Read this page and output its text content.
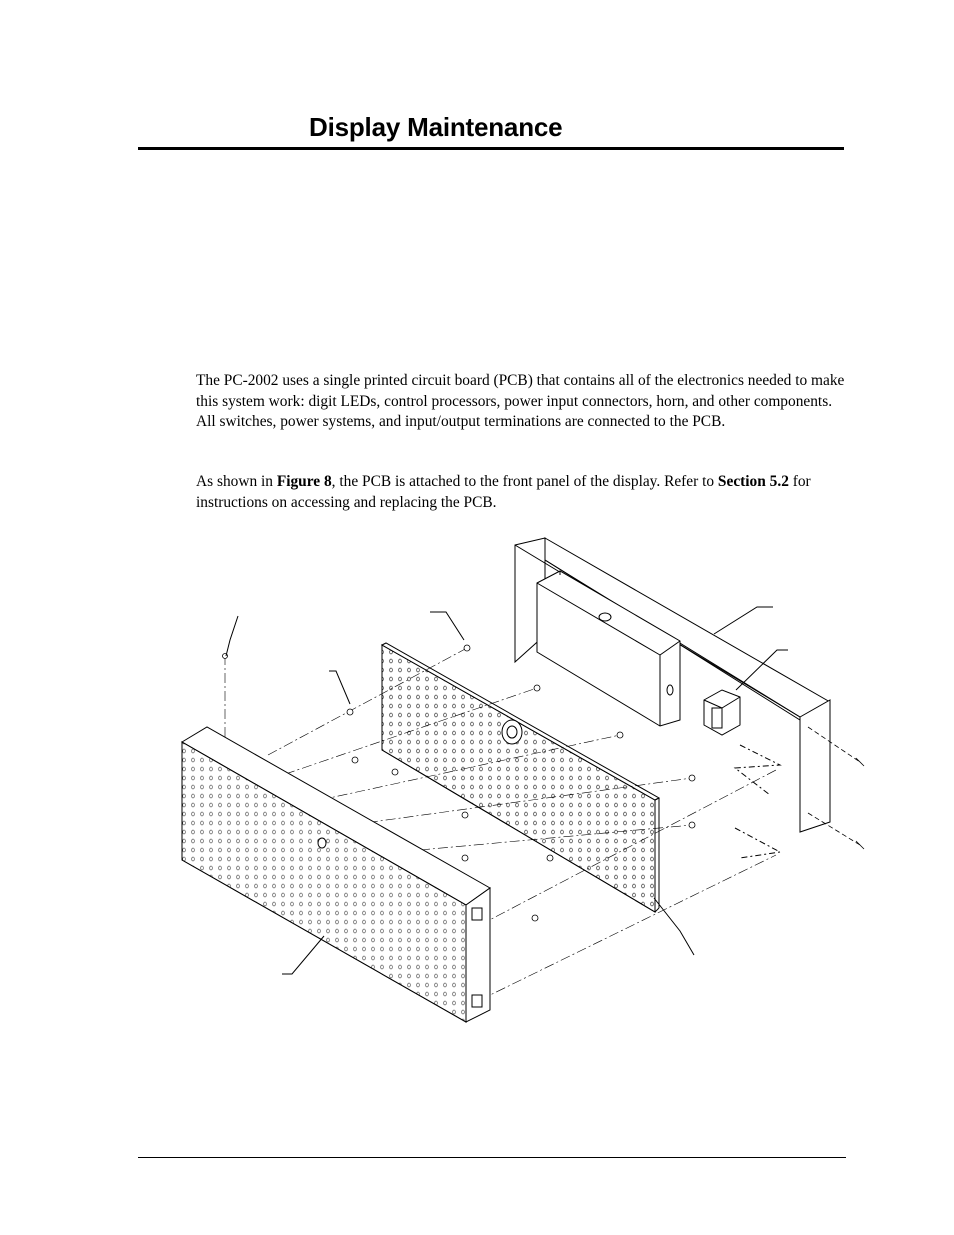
Display Maintenance

The PC-2002 uses a single printed circuit board (PCB) that contains all of the electronics needed to make this system work: digit LEDs, control processors, power input connectors, horn, and other components. All switches, power systems, and input/output terminations are connected to the PCB.

As shown in Figure 8, the PCB is attached to the front panel of the display. Refer to Section 5.2 for instructions on accessing and replacing the PCB.
